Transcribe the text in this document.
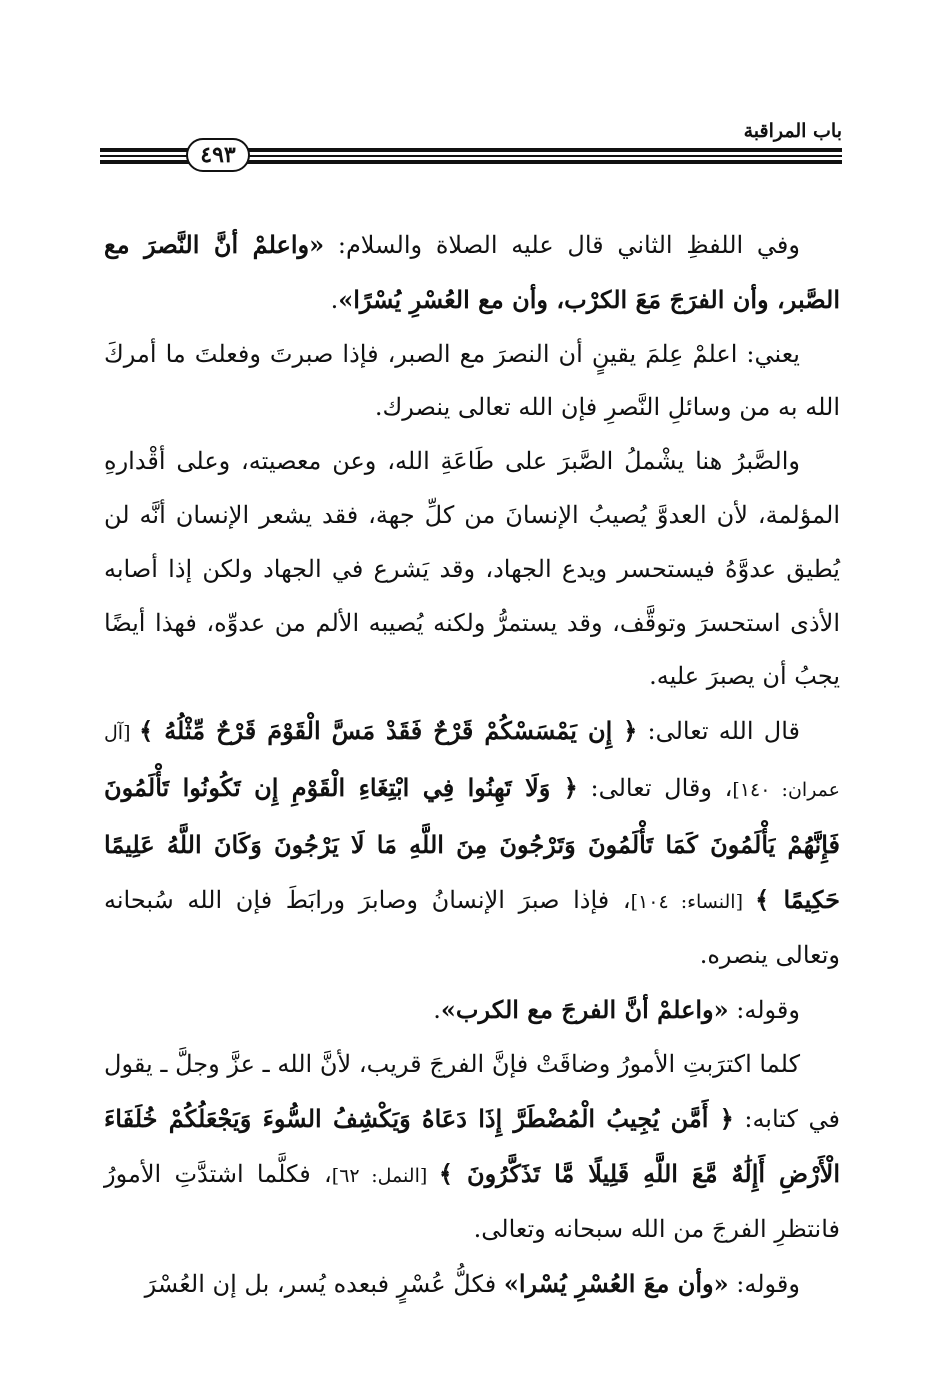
باب المراقبة
٤٩٣

وفي اللفظِ الثاني قال عليه الصلاة والسلام: «واعلمْ أنَّ النَّصرَ مع الصَّبر، وأن الفرَجَ مَعَ الكرْب، وأن مع العُسْرِ يُسْرًا».

يعني: اعلمْ عِلمَ يقينٍ أن النصرَ مع الصبر، فإذا صبرتَ وفعلتَ ما أمركَ الله به من وسائلِ النَّصرِ فإن الله تعالى ينصرك.

والصَّبرُ هنا يشْملُ الصَّبرَ على طَاعَةِ الله، وعن معصيته، وعلى أقْدارهِ المؤلمة، لأن العدوَّ يُصيبُ الإنسانَ من كلِّ جهة، فقد يشعر الإنسان أنَّه لن يُطيق عدوَّهُ فيستحسر ويدع الجهاد، وقد يَشرع في الجهاد ولكن إذا أصابه الأذى استحسرَ وتوقَّف، وقد يستمرُّ ولكنه يُصيبه الألم من عدوِّه، فهذا أيضًا يجبُ أن يصبرَ عليه.

قال الله تعالى: ﴿ إِن يَمْسَسْكُمْ قَرْحٌ فَقَدْ مَسَّ الْقَوْمَ قَرْحٌ مِّثْلُهُ ﴾ [آل عمران: ١٤٠]، وقال تعالى: ﴿ وَلَا تَهِنُوا فِي ابْتِغَاءِ الْقَوْمِ إِن تَكُونُوا تَأْلَمُونَ فَإِنَّهُمْ يَأْلَمُونَ كَمَا تَأْلَمُونَ وَتَرْجُونَ مِنَ اللَّهِ مَا لَا يَرْجُونَ وَكَانَ اللَّهُ عَلِيمًا حَكِيمًا ﴾ [النساء: ١٠٤]، فإذا صبرَ الإنسانُ وصابرَ ورابَطَ فإن الله سُبحانه وتعالى ينصره.

وقوله: «واعلمْ أنَّ الفرجَ مع الكرب».

كلما اكترَبتِ الأمورُ وضاقَتْ فإنَّ الفرجَ قريب، لأنَّ الله ـ عزَّ وجلَّ ـ يقول في كتابه: ﴿ أَمَّن يُجِيبُ الْمُضْطَرَّ إِذَا دَعَاهُ وَيَكْشِفُ السُّوءَ وَيَجْعَلُكُمْ خُلَفَاءَ الْأَرْضِ أَإِلَٰهٌ مَّعَ اللَّهِ قَلِيلًا مَّا تَذَكَّرُونَ ﴾ [النمل: ٦٢]، فكلَّما اشتدَّتِ الأمورُ فانتظرِ الفرجَ من الله سبحانه وتعالى.

وقوله: «وأن معَ العُسْرِ يُسْرا» فكلُّ عُسْرٍ فبعده يُسر، بل إن العُسْرَ
